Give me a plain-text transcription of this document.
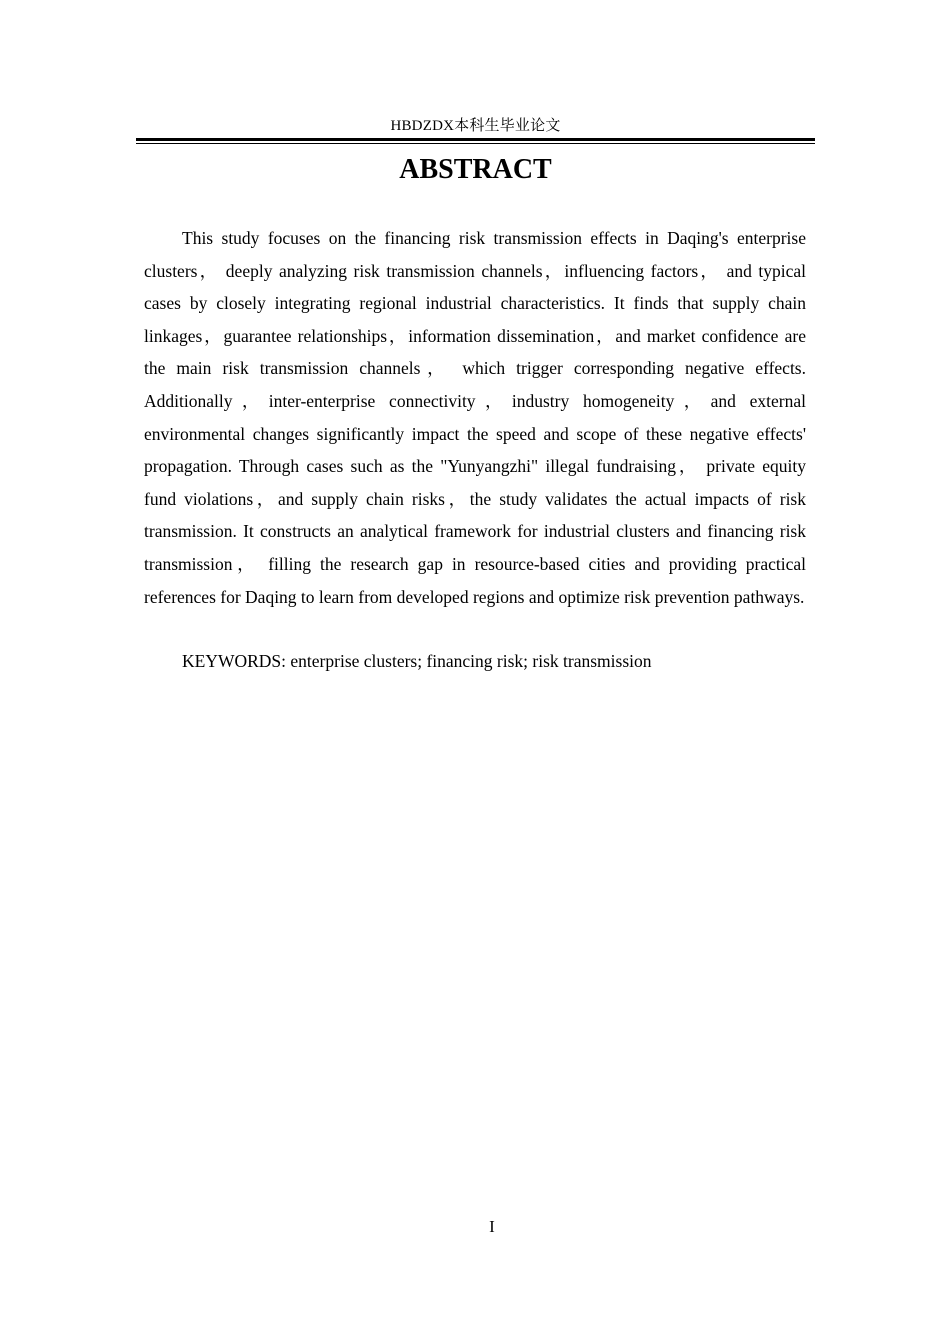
HBDZDX本科生毕业论文
ABSTRACT

This study focuses on the financing risk transmission effects in Daqing's enterprise clusters， deeply analyzing risk transmission channels，influencing factors， and typical cases by closely integrating regional industrial characteristics. It finds that supply chain linkages，guarantee relationships，information dissemination，and market confidence are the main risk transmission channels， which trigger corresponding negative effects. Additionally，inter-enterprise connectivity，industry homogeneity，and external environmental changes significantly impact the speed and scope of these negative effects' propagation. Through cases such as the "Yunyangzhi" illegal fundraising， private equity fund violations，and supply chain risks，the study validates the actual impacts of risk transmission. It constructs an analytical framework for industrial clusters and financing risk transmission， filling the research gap in resource-based cities and providing practical references for Daqing to learn from developed regions and optimize risk prevention pathways.

KEYWORDS: enterprise clusters; financing risk; risk transmission

I
